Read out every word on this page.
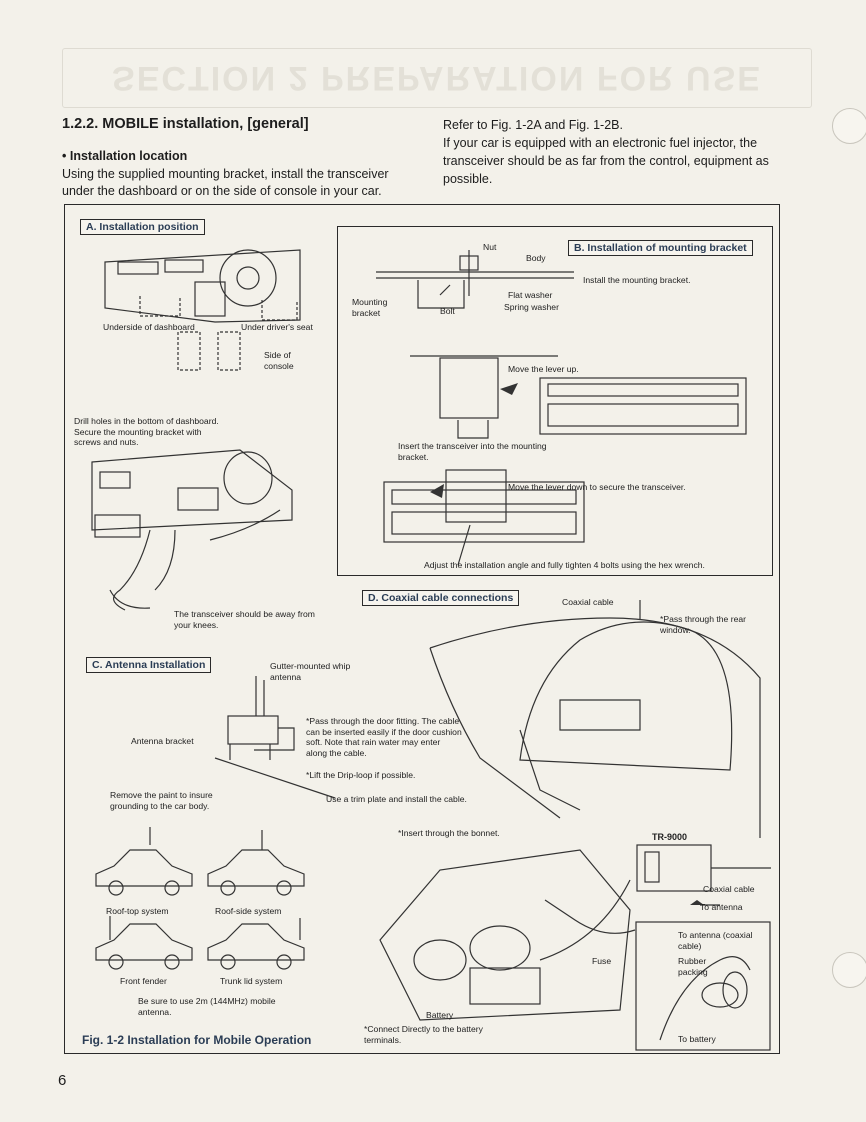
SECTION 2 PREPARATION FOR USE
1.2.2. MOBILE installation, [general]
• Installation location
Using the supplied mounting bracket, install the transceiver under the dashboard or on the side of console in your car.
Refer to Fig. 1-2A and Fig. 1-2B.
If your car is equipped with an electronic fuel injector, the transceiver should be as far from the control, equipment as possible.
A. Installation position
Underside of dashboard	Under driver's seat
Side of console
Drill holes in the bottom of dashboard. Secure the mounting bracket with screws and nuts.
The transceiver should be away from your knees.
B. Installation of mounting bracket
Nut
Body
Install the mounting bracket.
Flat washer
Spring washer
Mounting bracket	Bolt
Move the lever up.
Insert the transceiver into the mounting bracket.
Move the lever down to secure the transceiver.
Adjust the installation angle and fully tighten 4 bolts using the hex wrench.
C. Antenna Installation	Gutter-mounted whip antenna
Antenna bracket
*Pass through the door fitting. The cable can be inserted easily if the door cushion soft. Note that rain water may enter along the cable.
*Lift the Drip-loop if possible.
Remove the paint to insure grounding to the car body.
Use a trim plate and install the cable.
Roof-top system	Roof-side system
Front fender	Trunk lid system
Be sure to use 2m (144MHz) mobile antenna.
D. Coaxial cable connections	Coaxial cable
*Pass through the rear window.
*Insert through the bonnet.	TR-9000
Coaxial cable
To antenna
To antenna (coaxial cable)
Rubber packing
Fuse
Battery
*Connect Directly to the battery terminals.	To battery
Fig. 1-2 Installation for Mobile Operation
6
